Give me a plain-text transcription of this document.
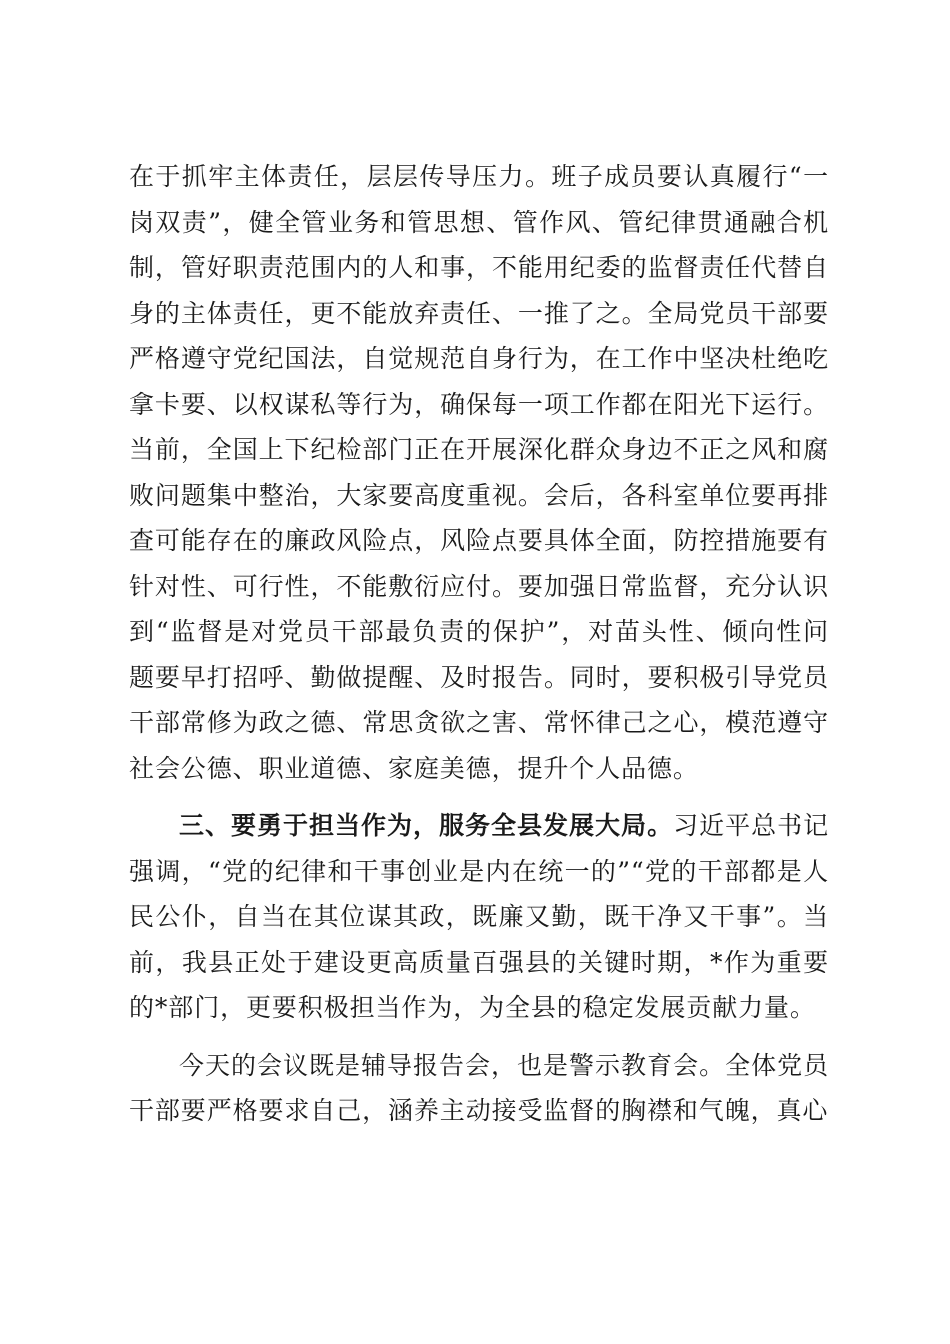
在于抓牢主体责任，层层传导压力。班子成员要认真履行“一岗双责”，健全管业务和管思想、管作风、管纪律贯通融合机制，管好职责范围内的人和事，不能用纪委的监督责任代替自身的主体责任，更不能放弃责任、一推了之。全局党员干部要严格遵守党纪国法，自觉规范自身行为，在工作中坚决杜绝吃拿卡要、以权谋私等行为，确保每一项工作都在阳光下运行。当前，全国上下纪检部门正在开展深化群众身边不正之风和腐败问题集中整治，大家要高度重视。会后，各科室单位要再排查可能存在的廉政风险点，风险点要具体全面，防控措施要有针对性、可行性，不能敷衍应付。要加强日常监督，充分认识到“监督是对党员干部最负责的保护”，对苗头性、倾向性问题要早打招呼、勤做提醒、及时报告。同时，要积极引导党员干部常修为政之德、常思贪欲之害、常怀律己之心，模范遵守社会公德、职业道德、家庭美德，提升个人品德。

三、要勇于担当作为，服务全县发展大局。习近平总书记强调，“党的纪律和干事创业是内在统一的”“党的干部都是人民公仆，自当在其位谋其政，既廉又勤，既干净又干事”。当前，我县正处于建设更高质量百强县的关键时期，*作为重要的*部门，更要积极担当作为，为全县的稳定发展贡献力量。

今天的会议既是辅导报告会，也是警示教育会。全体党员干部要严格要求自己，涵养主动接受监督的胸襟和气魄，真心
